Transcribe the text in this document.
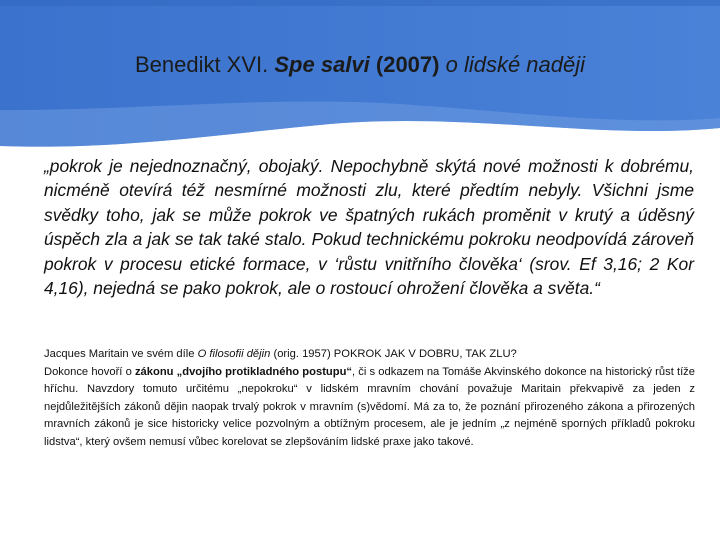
Benedikt XVI. Spe salvi (2007) o lidské naději
„pokrok je nejednoznačný, obojaký. Nepochybně skýtá nové možnosti k dobrému, nicméně otevírá též nesmírné možnosti zlu, které předtím nebyly. Všichni jsme svědky toho, jak se může pokrok ve špatných rukách proměnit v krutý a úděsný úspěch zla a jak se tak také stalo. Pokud technickému pokroku neodpovídá zároveň pokrok v procesu etické formace, v ‘růstu vnitřního člověka‘ (srov. Ef 3,16; 2 Kor 4,16), nejedná se pako pokrok, ale o rostoucí ohrožení člověka a světa.“

Jacques Maritain ve svém díle O filosofii dějin (orig. 1957) POKROK JAK V DOBRU, TAK ZLU?

Dokonce hovoří o zákonu „dvojího protikladného postupu“, či s odkazem na Tomáše Akvinského dokonce na historický růst tíže hříchu. Navzdory tomuto určitému „nepokroku“ v lidském mravním chování považuje Maritain překvapivě za jeden z nejdůležitějších zákonů dějin naopak trvalý pokrok v mravním (s)vědomí. Má za to, že poznání přirozeného zákona a přirozených mravních zákonů je sice historicky velice pozvolným a obtížným procesem, ale je jedním „z nejméně sporných příkladů pokroku lidstva“, který ovšem nemusí vůbec korelovat se zlepšováním lidské praxe jako takové.
